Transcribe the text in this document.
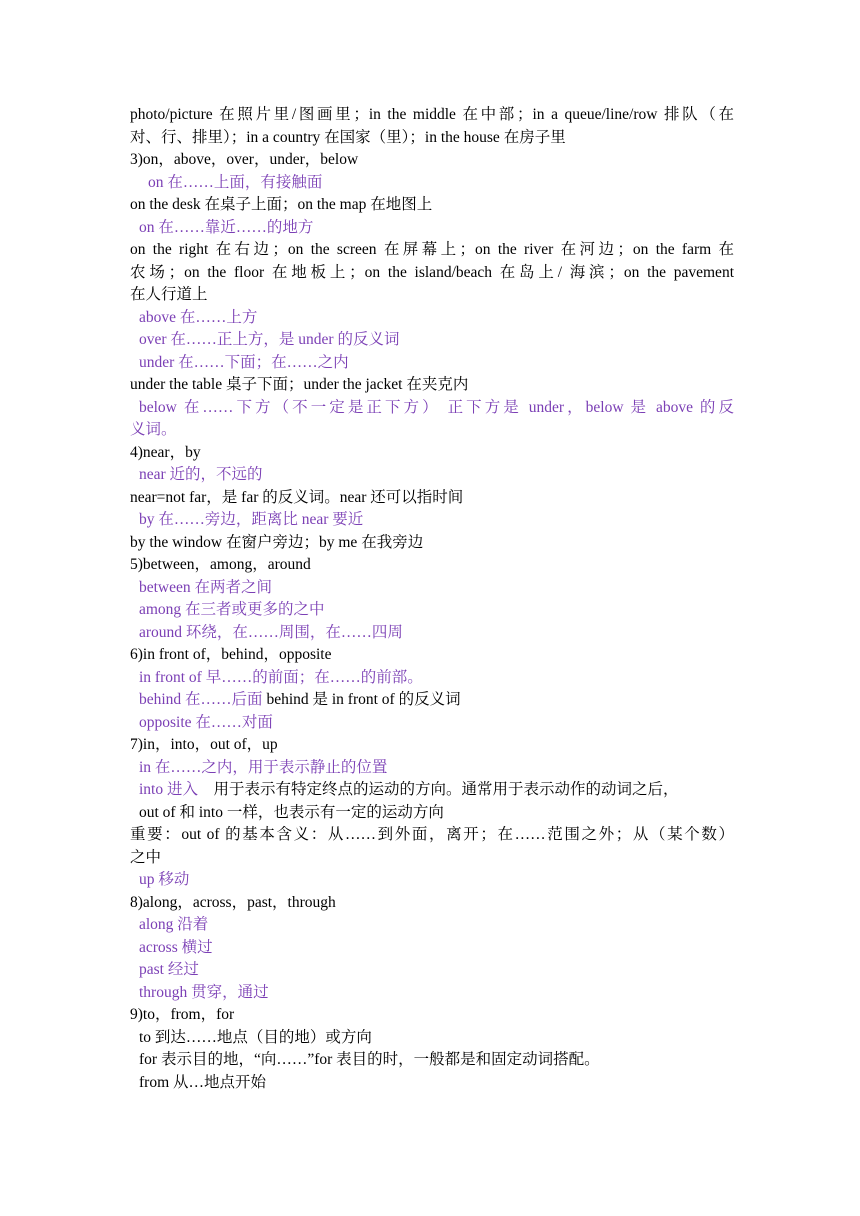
photo/picture 在照片里/图画里；in the middle 在中部；in a queue/line/row 排队（在
对、行、排里）；in a country 在国家（里）；in the house 在房子里
3)on，above，over，under，below
on 在……上面，有接触面
on the desk 在桌子上面；on the map 在地图上
on 在……靠近……的地方
on the right 在右边；on the screen 在屏幕上；on the river 在河边；on the farm 在
农场；on the floor 在地板上；on the island/beach 在岛上/ 海滨；on the pavement
在人行道上
above 在……上方
over 在……正上方，是 under 的反义词
under 在……下面；在……之内
under the table 桌子下面；under the jacket 在夹克内
below 在……下方（不一定是正下方） 正下方是 under，below 是 above 的反
义词。
4)near，by
near 近的，不远的
near=not far，是 far 的反义词。near 还可以指时间
by 在……旁边，距离比 near 要近
by the window 在窗户旁边；by me 在我旁边
5)between，among，around
between 在两者之间
among 在三者或更多的之中
around 环绕，在……周围，在……四周
6)in front of，behind，opposite
in front of 早……的前面；在……的前部。
behind 在……后面 behind 是 in front of 的反义词
opposite 在……对面
7)in，into，out of，up
in 在……之内，用于表示静止的位置
into 进入    用于表示有特定终点的运动的方向。通常用于表示动作的动词之后，
out of 和 into 一样，也表示有一定的运动方向
重要：out of 的基本含义：从……到外面，离开；在……范围之外；从（某个数）
之中
up 移动
8)along，across，past，through
along 沿着
across 横过
past 经过
through 贯穿，通过
9)to，from，for
to 到达……地点（目的地）或方向
for 表示目的地，“向……”for 表目的时，一般都是和固定动词搭配。
from 从…地点开始
